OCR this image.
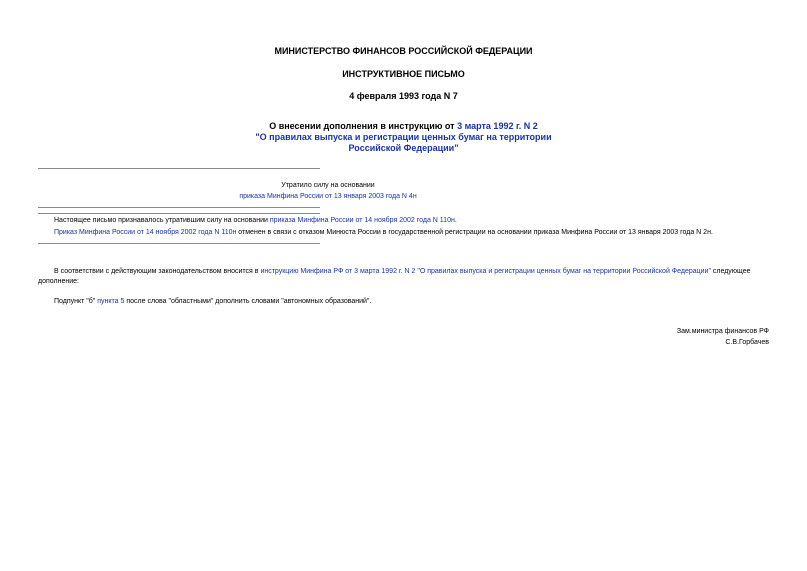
МИНИСТЕРСТВО ФИНАНСОВ РОССИЙСКОЙ ФЕДЕРАЦИИ
ИНСТРУКТИВНОЕ ПИСЬМО
4 февраля 1993 года N 7
О внесении дополнения в инструкцию от 3 марта 1992 г. N 2
"О правилах выпуска и регистрации ценных бумаг на территории
Российской Федерации"
Утратило силу на основании
приказа Минфина России от 13 января 2003 года N 4н
Настоящее письмо признавалось утратившим силу на основании приказа Минфина России от 14 ноября 2002 года N 110н.
Приказ Минфина России от 14 ноября 2002 года N 110н отменен в связи с отказом Минюста России в государственной регистрации на основании приказа Минфина России от 13 января 2003 года N 2н.
В соответствии с действующим законодательством вносится в инструкцию Минфина РФ от 3 марта 1992 г. N 2 "О правилах выпуска и регистрации ценных бумаг на территории Российской Федерации" следующее
дополнение:
Подпункт "б" пункта 5 после слова "областными" дополнить словами "автономных образований".
Зам.министра финансов РФ
С.В.Горбачев
